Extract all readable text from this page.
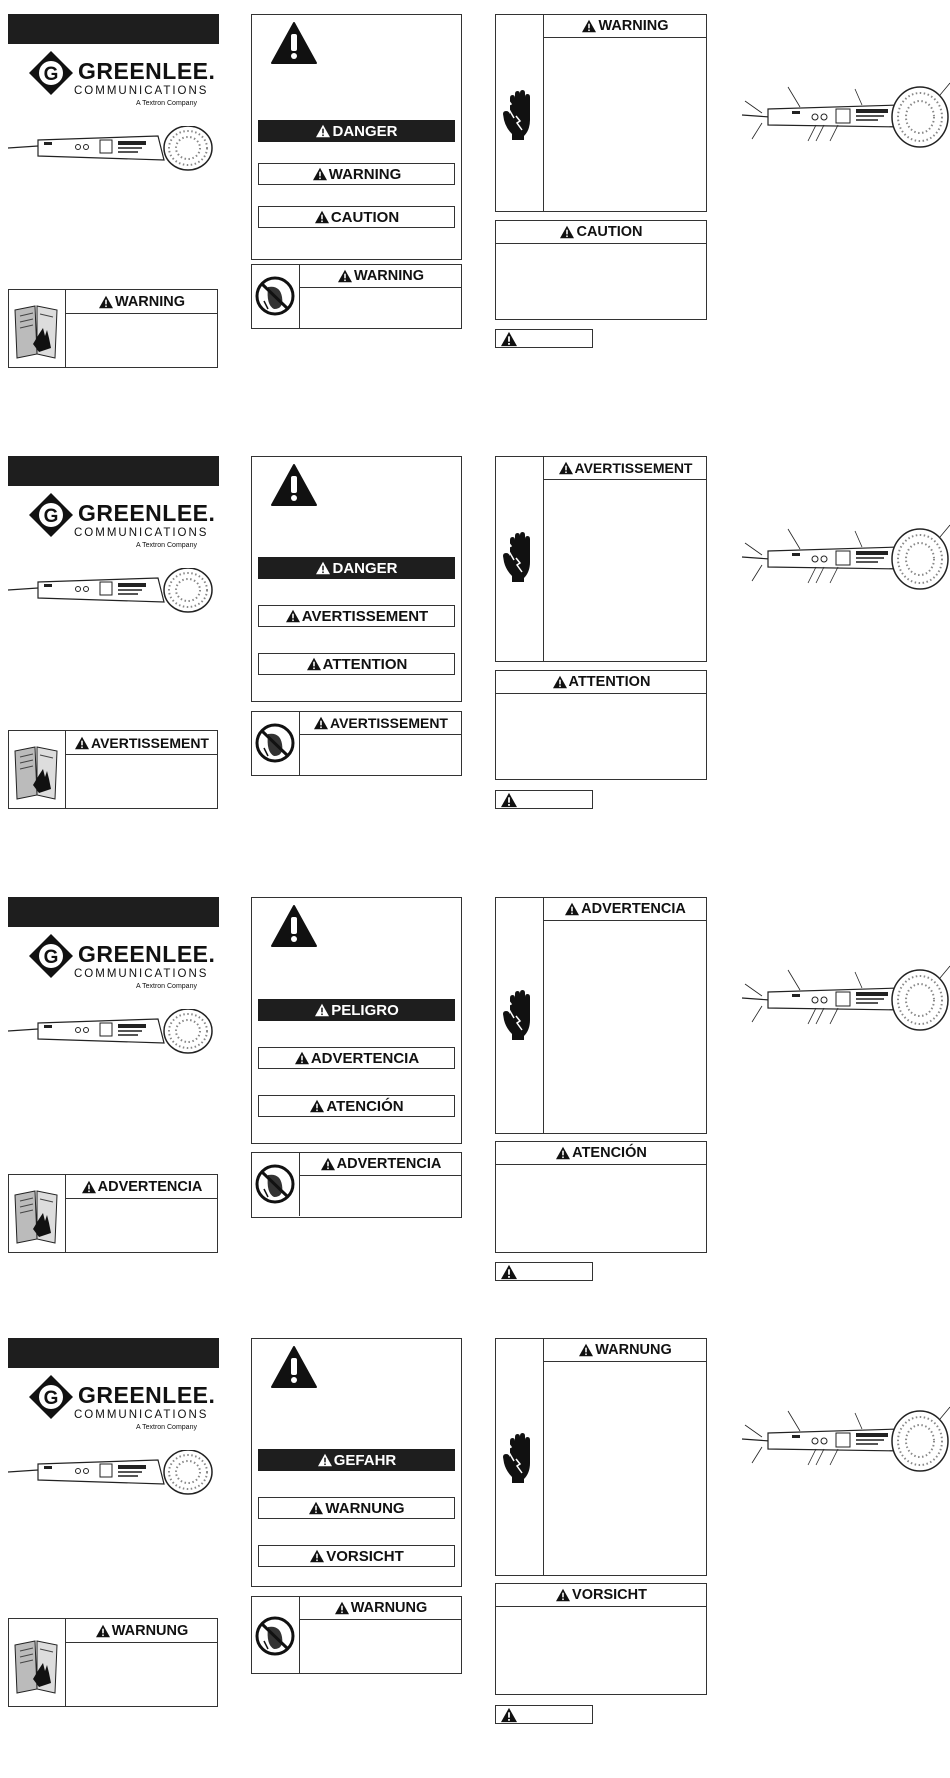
G GREENLEE.
COMMUNICATIONS
A Textron Company
WARNING
DANGER
WARNING
CAUTION
WARNING
WARNING
CAUTION
G GREENLEE.
COMMUNICATIONS
A Textron Company
AVERTISSEMENT
DANGER
AVERTISSEMENT
ATTENTION
AVERTISSEMENT
AVERTISSEMENT
ATTENTION
G GREENLEE.
COMMUNICATIONS
A Textron Company
ADVERTENCIA
PELIGRO
ADVERTENCIA
ATENCIÓN
ADVERTENCIA
ADVERTENCIA
ATENCIÓN
G GREENLEE.
COMMUNICATIONS
A Textron Company
WARNUNG
GEFAHR
WARNUNG
VORSICHT
WARNUNG
WARNUNG
VORSICHT
